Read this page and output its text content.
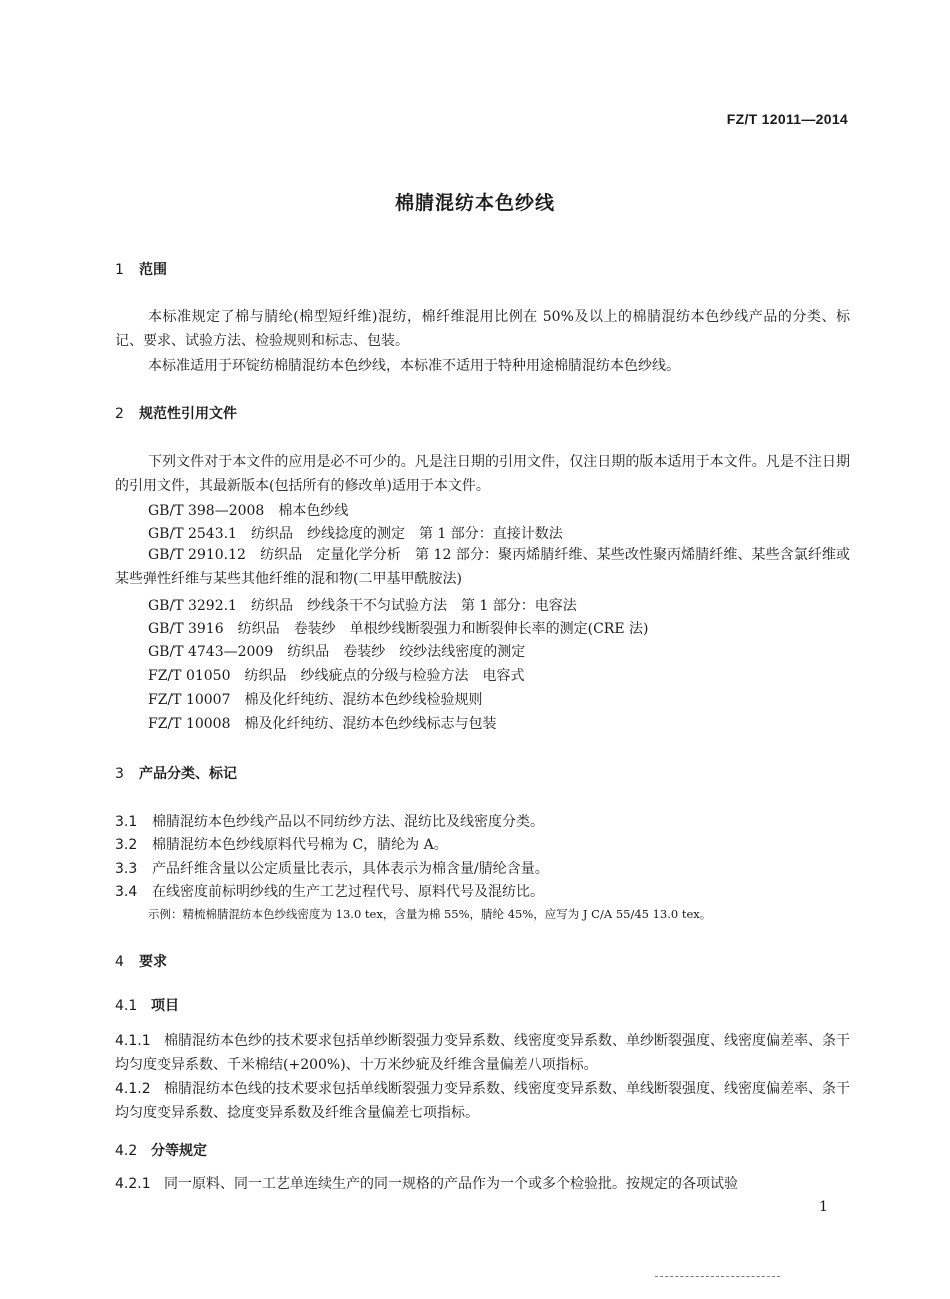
FZ/T 12011—2014
棉腈混纺本色纱线
1 范围
本标准规定了棉与腈纶(棉型短纤维)混纺，棉纤维混用比例在 50%及以上的棉腈混纺本色纱线产品的分类、标记、要求、试验方法、检验规则和标志、包装。
本标准适用于环锭纺棉腈混纺本色纱线，本标准不适用于特种用途棉腈混纺本色纱线。
2 规范性引用文件
下列文件对于本文件的应用是必不可少的。凡是注日期的引用文件，仅注日期的版本适用于本文件。凡是不注日期的引用文件，其最新版本(包括所有的修改单)适用于本文件。
GB/T 398—2008　棉本色纱线
GB/T 2543.1　纺织品　纱线捻度的测定　第 1 部分：直接计数法
GB/T 2910.12　纺织品　定量化学分析　第 12 部分：聚丙烯腈纤维、某些改性聚丙烯腈纤维、某些含氯纤维或某些弹性纤维与某些其他纤维的混和物(二甲基甲酰胺法)
GB/T 3292.1　纺织品　纱线条干不匀试验方法　第 1 部分：电容法
GB/T 3916　纺织品　卷装纱　单根纱线断裂强力和断裂伸长率的测定(CRE 法)
GB/T 4743—2009　纺织品　卷装纱　绞纱法线密度的测定
FZ/T 01050　纺织品　纱线疵点的分级与检验方法　电容式
FZ/T 10007　棉及化纤纯纺、混纺本色纱线检验规则
FZ/T 10008　棉及化纤纯纺、混纺本色纱线标志与包装
3 产品分类、标记
3.1 棉腈混纺本色纱线产品以不同纺纱方法、混纺比及线密度分类。
3.2 棉腈混纺本色纱线原料代号棉为 C，腈纶为 A。
3.3 产品纤维含量以公定质量比表示，具体表示为棉含量/腈纶含量。
3.4 在线密度前标明纱线的生产工艺过程代号、原料代号及混纺比。
示例：精梳棉腈混纺本色纱线密度为 13.0 tex，含量为棉 55%，腈纶 45%，应写为 J C/A 55/45 13.0 tex。
4 要求
4.1 项目
4.1.1 棉腈混纺本色纱的技术要求包括单纱断裂强力变异系数、线密度变异系数、单纱断裂强度、线密度偏差率、条干均匀度变异系数、千米棉结(+200%)、十万米纱疵及纤维含量偏差八项指标。
4.1.2 棉腈混纺本色线的技术要求包括单线断裂强力变异系数、线密度变异系数、单线断裂强度、线密度偏差率、条干均匀度变异系数、捻度变异系数及纤维含量偏差七项指标。
4.2 分等规定
4.2.1 同一原料、同一工艺单连续生产的同一规格的产品作为一个或多个检验批。按规定的各项试验
1
